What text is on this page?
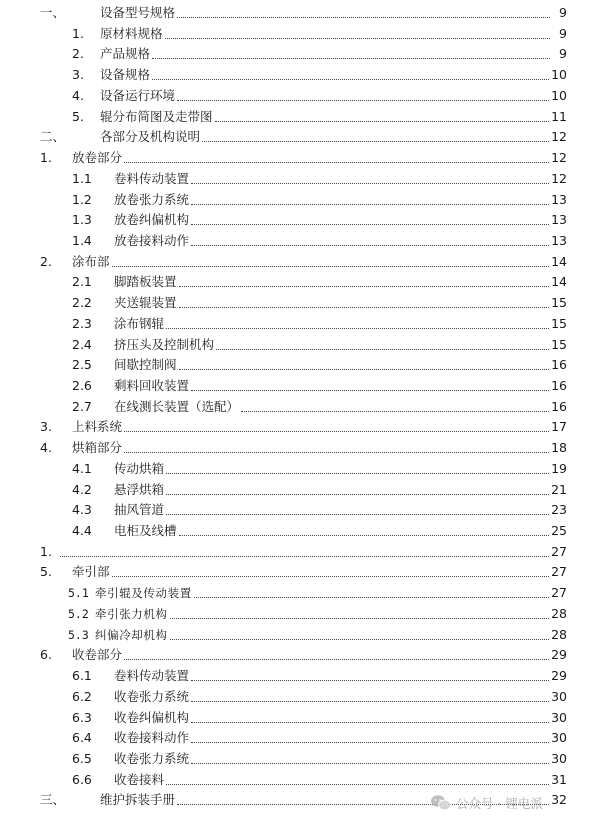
一、	设备型号规格	9
1. 原材料规格	9
2. 产品规格	9
3. 设备规格	10
4. 设备运行环境	10
5. 辊分布简图及走带图	11
二、	各部分及机构说明	12
1. 放卷部分	12
1.1 卷料传动装置	12
1.2 放卷张力系统	13
1.3 放卷纠偏机构	13
1.4 放卷接料动作	13
2. 涂布部	14
2.1 脚踏板装置	14
2.2 夹送辊装置	15
2.3 涂布钢辊	15
2.4 挤压头及控制机构	15
2.5 间歇控制阀	16
2.6 剩料回收装置	16
2.7 在线测长装置（选配）	16
3. 上料系统	17
4. 烘箱部分	18
4.1 传动烘箱	19
4.2 悬浮烘箱	21
4.3 抽风管道	23
4.4 电柜及线槽	25
1.	27
5. 牵引部	27
5.1 牵引辊及传动装置	27
5.2 牵引张力机构	28
5.3 纠偏冷却机构	28
6. 收卷部分	29
6.1 卷料传动装置	29
6.2 收卷张力系统	30
6.3 收卷纠偏机构	30
6.4 收卷接料动作	30
6.5 收卷张力系统	30
6.6 收卷接料	31
三、	维护拆装手册	32
公众号 · 锂电派
